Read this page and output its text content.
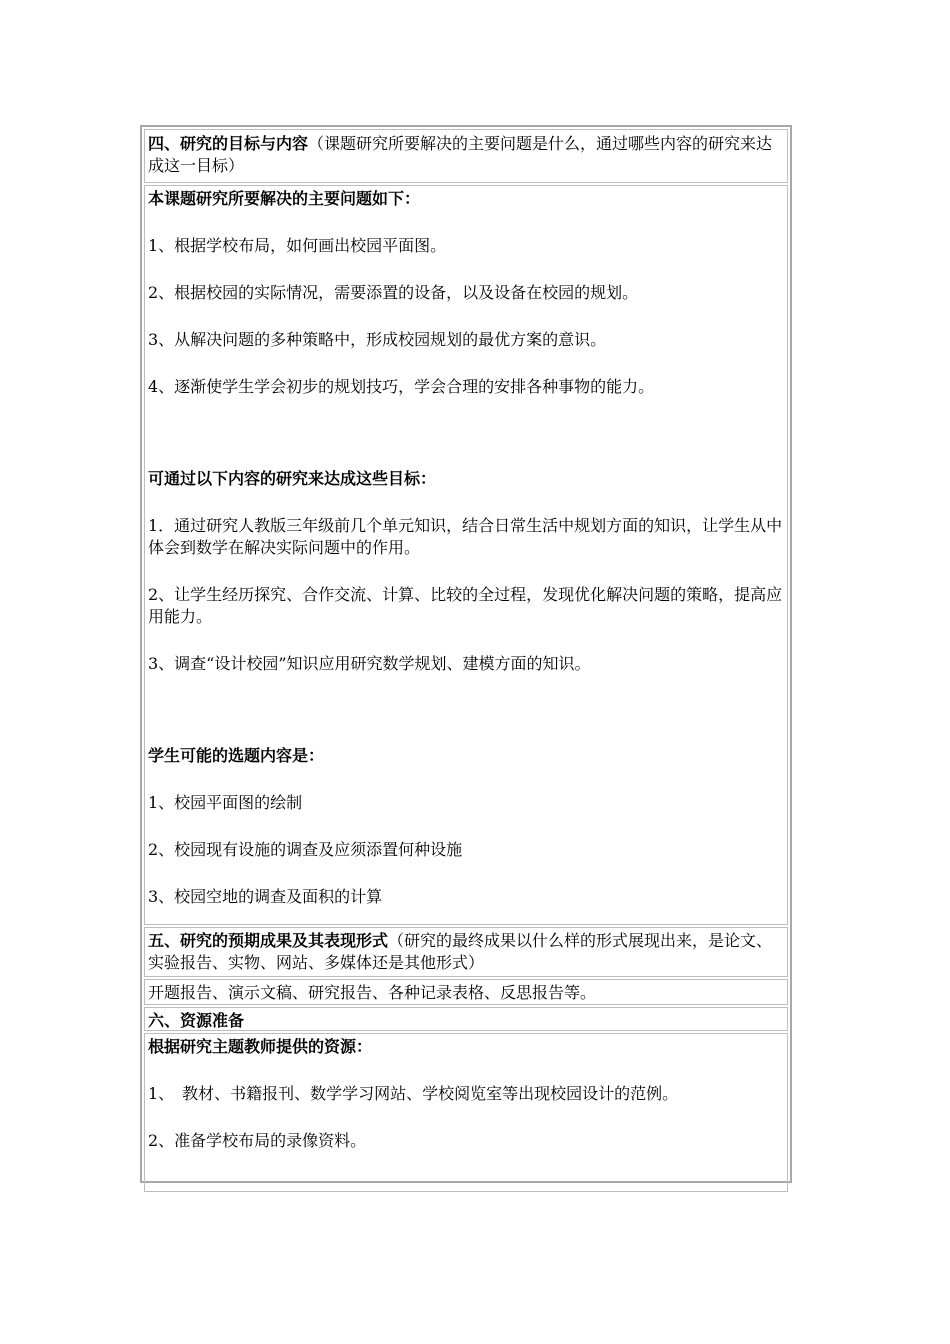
四、研究的目标与内容（课题研究所要解决的主要问题是什么，通过哪些内容的研究来达成这一目标）

本课题研究所要解决的主要问题如下：

1、根据学校布局，如何画出校园平面图。

2、根据校园的实际情况，需要添置的设备，以及设备在校园的规划。

3、从解决问题的多种策略中，形成校园规划的最优方案的意识。

4、逐渐使学生学会初步的规划技巧，学会合理的安排各种事物的能力。

可通过以下内容的研究来达成这些目标：

1．通过研究人教版三年级前几个单元知识，结合日常生活中规划方面的知识，让学生从中体会到数学在解决实际问题中的作用。

2、让学生经历探究、合作交流、计算、比较的全过程，发现优化解决问题的策略，提高应用能力。

3、调查“设计校园”知识应用研究数学规划、建模方面的知识。

学生可能的选题内容是：

1、校园平面图的绘制

2、校园现有设施的调查及应须添置何种设施

3、校园空地的调查及面积的计算

五、研究的预期成果及其表现形式（研究的最终成果以什么样的形式展现出来，是论文、实验报告、实物、网站、多媒体还是其他形式）

开题报告、演示文稿、研究报告、各种记录表格、反思报告等。

六、资源准备

根据研究主题教师提供的资源：

1、　教材、书籍报刊、数学学习网站、学校阅览室等出现校园设计的范例。

2、准备学校布局的录像资料。
